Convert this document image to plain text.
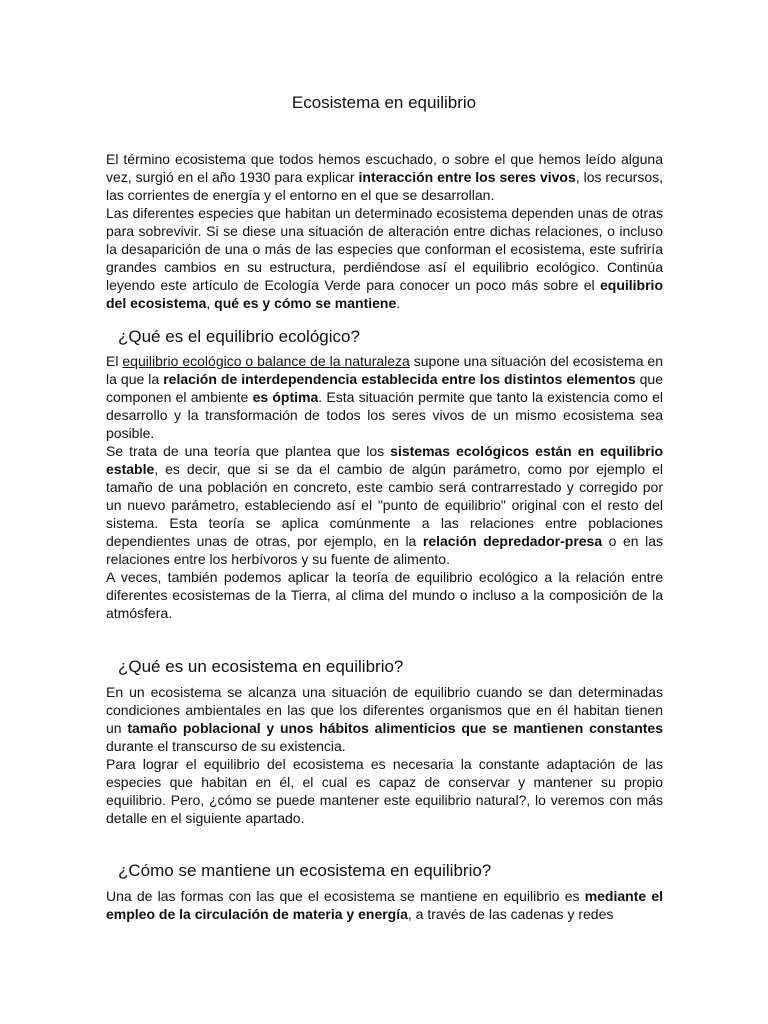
Ecosistema en equilibrio

El término ecosistema que todos hemos escuchado, o sobre el que hemos leído alguna vez, surgió en el año 1930 para explicar interacción entre los seres vivos, los recursos, las corrientes de energía y el entorno en el que se desarrollan.

Las diferentes especies que habitan un determinado ecosistema dependen unas de otras para sobrevivir. Si se diese una situación de alteración entre dichas relaciones, o incluso la desaparición de una o más de las especies que conforman el ecosistema, este sufriría grandes cambios en su estructura, perdiéndose así el equilibrio ecológico. Continúa leyendo este artículo de Ecología Verde para conocer un poco más sobre el equilibrio del ecosistema, qué es y cómo se mantiene.

¿Qué es el equilibrio ecológico?

El equilibrio ecológico o balance de la naturaleza supone una situación del ecosistema en la que la relación de interdependencia establecida entre los distintos elementos que componen el ambiente es óptima. Esta situación permite que tanto la existencia como el desarrollo y la transformación de todos los seres vivos de un mismo ecosistema sea posible.

Se trata de una teoría que plantea que los sistemas ecológicos están en equilibrio estable, es decir, que si se da el cambio de algún parámetro, como por ejemplo el tamaño de una población en concreto, este cambio será contrarrestado y corregido por un nuevo parámetro, estableciendo así el "punto de equilibrio" original con el resto del sistema. Esta teoría se aplica comúnmente a las relaciones entre poblaciones dependientes unas de otras, por ejemplo, en la relación depredador-presa o en las relaciones entre los herbívoros y su fuente de alimento.

A veces, también podemos aplicar la teoría de equilibrio ecológico a la relación entre diferentes ecosistemas de la Tierra, al clima del mundo o incluso a la composición de la atmósfera.

¿Qué es un ecosistema en equilibrio?

En un ecosistema se alcanza una situación de equilibrio cuando se dan determinadas condiciones ambientales en las que los diferentes organismos que en él habitan tienen un tamaño poblacional y unos hábitos alimenticios que se mantienen constantes durante el transcurso de su existencia.

Para lograr el equilibrio del ecosistema es necesaria la constante adaptación de las especies que habitan en él, el cual es capaz de conservar y mantener su propio equilibrio. Pero, ¿cómo se puede mantener este equilibrio natural?, lo veremos con más detalle en el siguiente apartado.

¿Cómo se mantiene un ecosistema en equilibrio?

Una de las formas con las que el ecosistema se mantiene en equilibrio es mediante el empleo de la circulación de materia y energía, a través de las cadenas y redes
